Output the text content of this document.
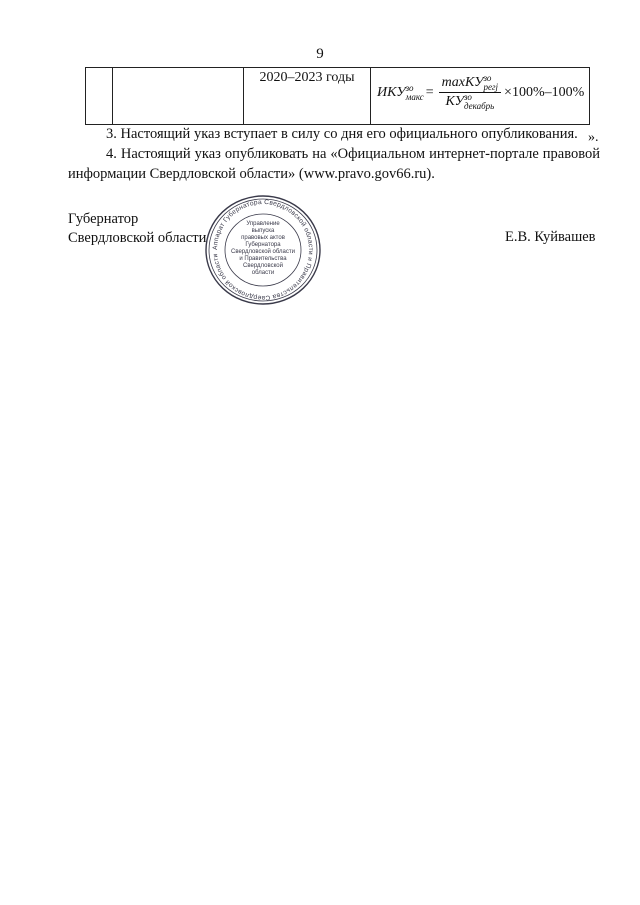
9
		2020–2023 годы	
ИКУ зо
макс = maxКУ зо
pегj
КУ зо
декабрь ×100%–100%
».
3. Настоящий указ вступает в силу со дня его официального опубликования.
4. Настоящий указ опубликовать на «Официальном интернет-портале правовой информации Свердловской области» (www.pravo.gov66.ru).
Губернатор
Свердловской области	Е.В. Куйвашев
Аппарат Губернатора Свердловской области и Правительства Свердловской области
Управление
выпуска
правовых актов
Губернатора
Свердловской области
и Правительства
Свердловской
области
